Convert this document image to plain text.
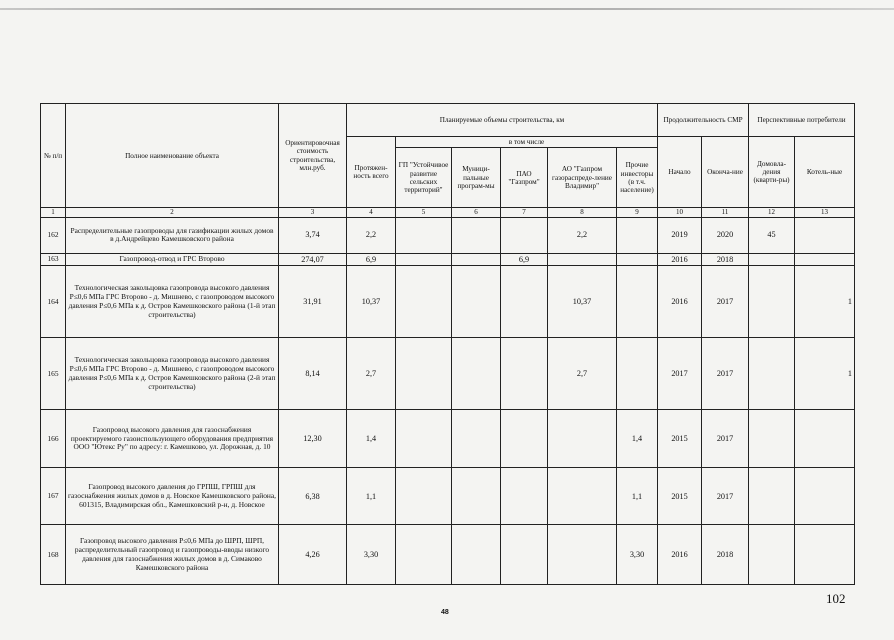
№ п/п	Полное наименование объекта	Ориентировочная стоимость строительства, млн.руб.	Планируемые объемы строительства, км						Продолжительность СМР		Перспективные потребители	
			Протяжен-ность всего	в том числе					Начало	Оконча-ние	Домовла-дения (кварти-ры)	Котель-ные
				ГП "Устойчивое развитие сельских территорий"	Муници-пальные програм-мы	ПАО "Газпром"	АО "Газпром газораспреде-ление Владимир"	Прочие инвесторы (в т.ч. население)				
1	2	3	4	5	6	7	8	9	10	11	12	13
162	Распределительные газопроводы для газификации жилых домов в д.Андрейцево Камешковского района	3,74	2,2				2,2		2019	2020	45	
163	Газопровод-отвод и ГРС Второво	274,07	6,9			6,9			2016	2018		
164	Технологическая закольцовка газопровода высокого давления Р≤0,6 МПа ГРС Второво - д. Мишнево, с газопроводом высокого давления Р≤0,6 МПа к д. Остров Камешковского района (1-й этап строительства)	31,91	10,37				10,37		2016	2017		1
165	Технологическая закольцовка газопровода высокого давления Р≤0,6 МПа ГРС Второво - д. Мишнево, с газопроводом высокого давления Р≤0,6 МПа к д. Остров Камешковского района (2-й этап строительства)	8,14	2,7				2,7		2017	2017		1
166	Газопровод высокого давления для газоснабжения проектируемого газоиспользующего оборудования предприятия ООО "Ютекс Ру" по адресу: г. Камешково, ул. Дорожная, д. 10	12,30	1,4					1,4	2015	2017		
167	Газопровод высокого давления до ГРПШ, ГРПШ для газоснабжения жилых домов в д. Новское Камешковского района, 601315, Владимирская обл., Камешковский р-н, д. Новское	6,38	1,1					1,1	2015	2017		
168	Газопровод высокого давления Р≤0,6 МПа до ШРП, ШРП, распределительный газопровод и газопроводы-вводы низкого давления для газоснабжения жилых домов в д. Симаково Камешковского района	4,26	3,30					3,30	2016	2018		
48
102
